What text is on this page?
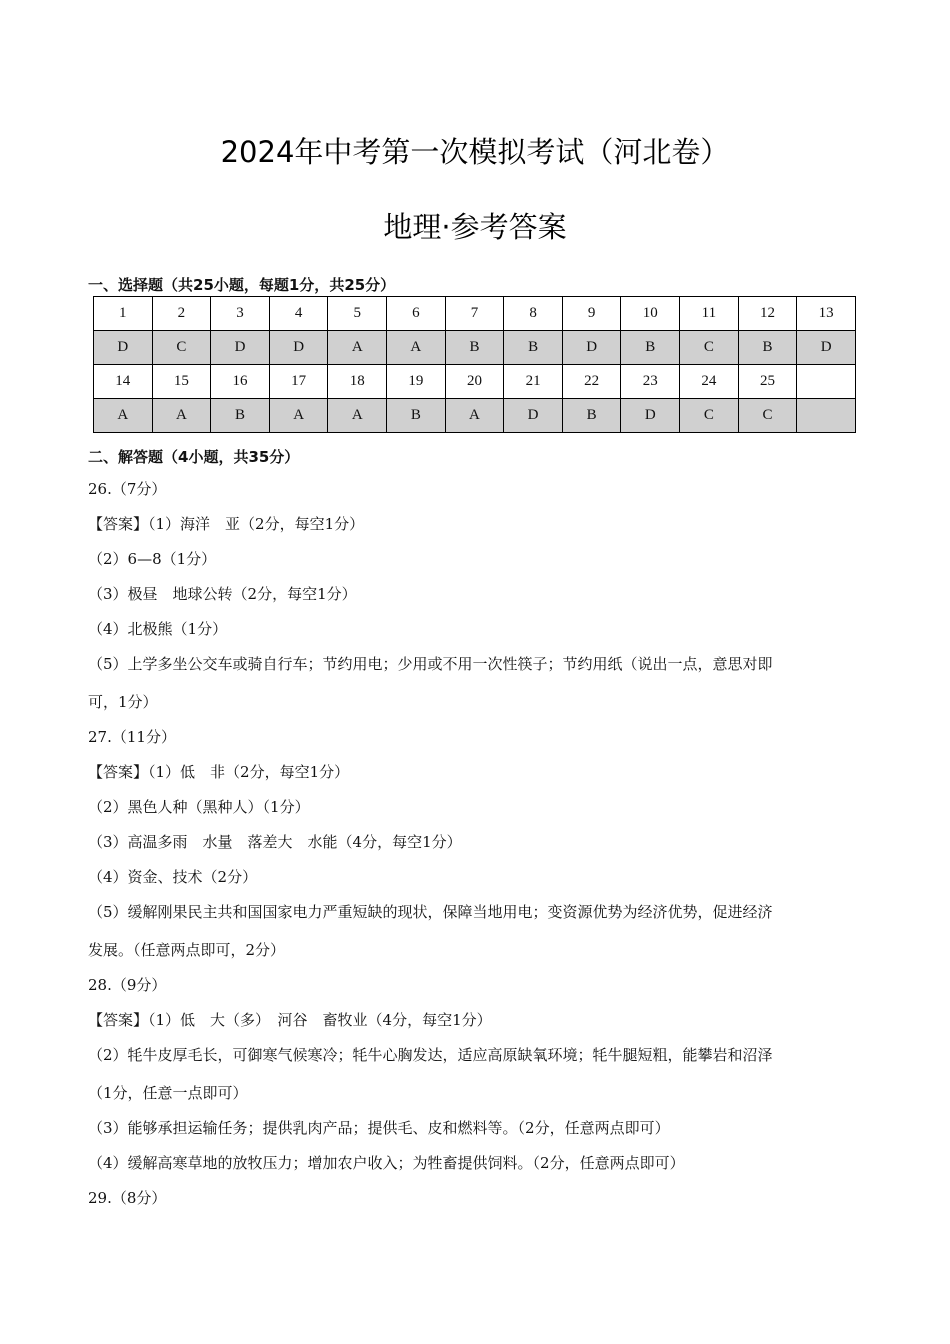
2024年中考第一次模拟考试（河北卷）
地理·参考答案
一、选择题（共25小题，每题1分，共25分）
1	2	3	4	5	6	7	8	9	10	11	12	13
D	C	D	D	A	A	B	B	D	B	C	B	D
14	15	16	17	18	19	20	21	22	23	24	25	
A	A	B	A	A	B	A	D	B	D	C	C	
二、解答题（4小题，共35分）
26.（7分）
【答案】（1）海洋　亚（2分，每空1分）
（2）6—8（1分）
（3）极昼　地球公转（2分，每空1分）
（4）北极熊（1分）
（5）上学多坐公交车或骑自行车；节约用电；少用或不用一次性筷子；节约用纸（说出一点，意思对即
可，1分）
27.（11分）
【答案】（1）低　非（2分，每空1分）
（2）黑色人种（黑种人）（1分）
（3）高温多雨　水量　落差大　水能（4分，每空1分）
（4）资金、技术（2分）
（5）缓解刚果民主共和国国家电力严重短缺的现状，保障当地用电；变资源优势为经济优势，促进经济
发展。（任意两点即可，2分）
28.（9分）
【答案】（1）低　大（多）　河谷　畜牧业（4分，每空1分）
（2）牦牛皮厚毛长，可御寒气候寒冷；牦牛心胸发达，适应高原缺氧环境；牦牛腿短粗，能攀岩和沼泽
（1分，任意一点即可）
（3）能够承担运输任务；提供乳肉产品；提供毛、皮和燃料等。（2分，任意两点即可）
（4）缓解高寒草地的放牧压力；增加农户收入；为牲畜提供饲料。（2分，任意两点即可）
29.（8分）
